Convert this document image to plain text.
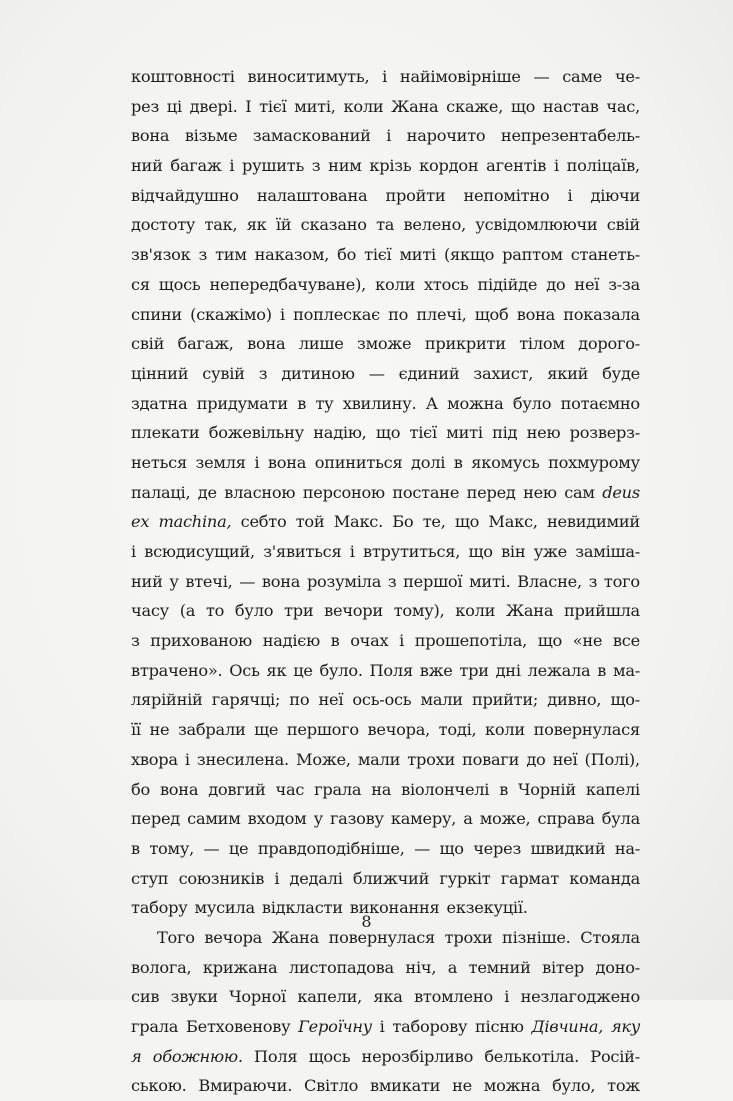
коштовності виноситимуть, і найімовірніше — саме че-
рез ці двері. І тієї миті, коли Жана скаже, що настав час,
вона візьме замаскований і нарочито непрезентабель-
ний багаж і рушить з ним крізь кордон агентів і поліцаїв,
відчайдушно налаштована пройти непомітно і діючи
достоту так, як їй сказано та велено, усвідомлюючи свій
зв'язок з тим наказом, бо тієї миті (якщо раптом станеть-
ся щось непередбачуване), коли хтось підійде до неї з-за
спини (скажімо) і поплескає по плечі, щоб вона показала
свій багаж, вона лише зможе прикрити тілом дорого-
цінний сувій з дитиною — єдиний захист, який буде
здатна придумати в ту хвилину. А можна було потаємно
плекати божевільну надію, що тієї миті під нею розверз-
неться земля і вона опиниться долі в якомусь похмурому
палаці, де власною персоною постане перед нею сам deus
ex machina, себто той Макс. Бо те, що Макс, невидимий
і всюдисущий, з'явиться і втрутиться, що він уже заміша-
ний у втечі, — вона розуміла з першої миті. Власне, з того
часу (а то було три вечори тому), коли Жана прийшла
з прихованою надією в очах і прошепотіла, що «не все
втрачено». Ось як це було. Поля вже три дні лежала в ма-
лярійній гарячці; по неї ось-ось мали прийти; дивно, що-
її не забрали ще першого вечора, тоді, коли повернулася
хвора і знесилена. Може, мали трохи поваги до неї (Полі),
бо вона довгий час грала на віолончелі в Чорній капелі
перед самим входом у газову камеру, а може, справа була
в тому, — це правдоподібніше, — що через швидкий на-
ступ союзників і дедалі ближчий гуркіт гармат команда
табору мусила відкласти виконання екзекуції.
Того вечора Жана повернулася трохи пізніше. Стояла
волога, крижана листопадова ніч, а темний вітер доно-
сив звуки Чорної капели, яка втомлено і незлагоджено
грала Бетховенову Героїчну і таборову пісню Дівчина, яку
я обожнюю. Поля щось нерозбірливо белькотіла. Росій-
ською. Вмираючи. Світло вмикати не можна було, тож
8
